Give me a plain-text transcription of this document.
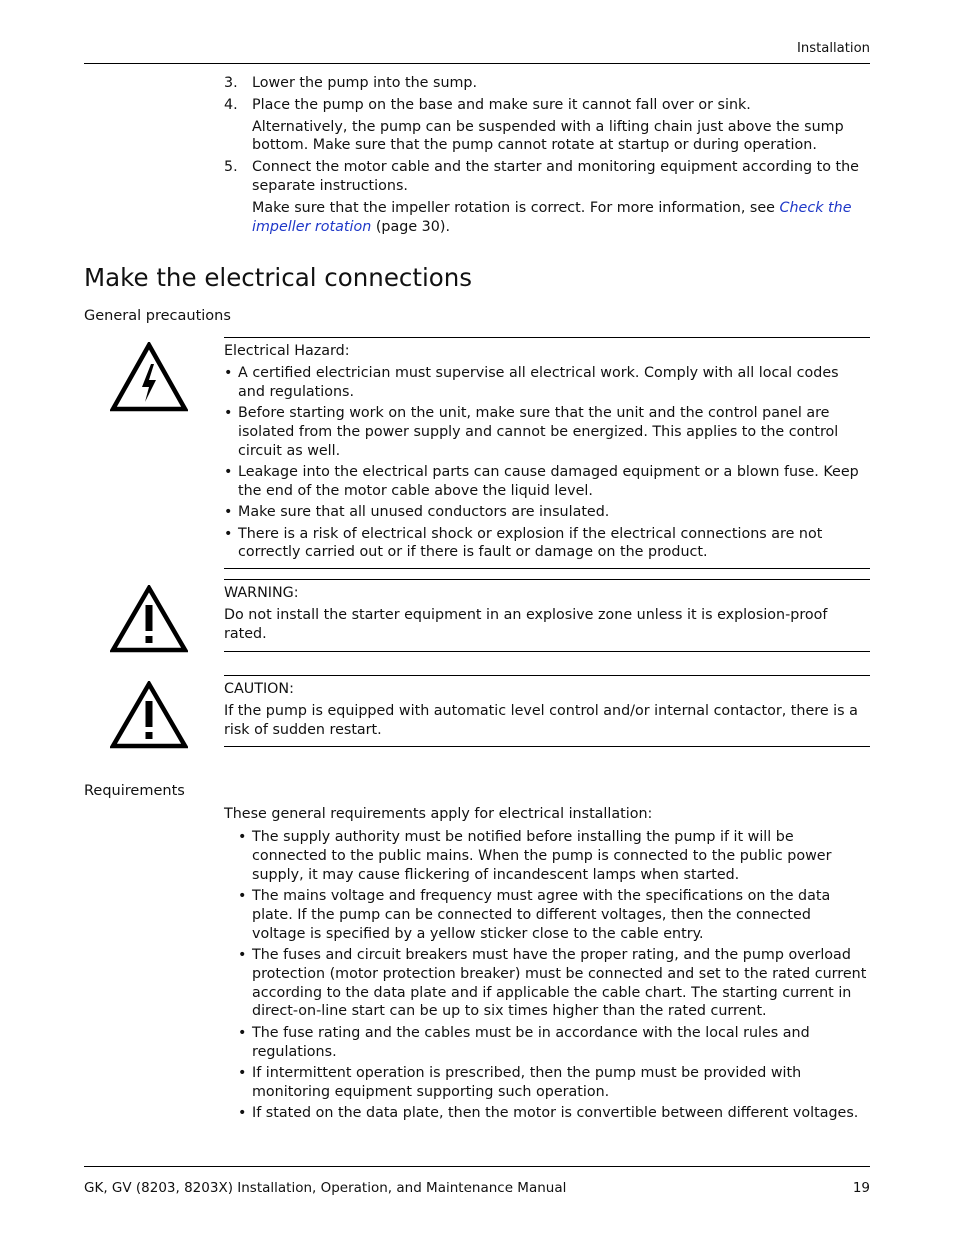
Installation
3. Lower the pump into the sump.
4. Place the pump on the base and make sure it cannot fall over or sink.
Alternatively, the pump can be suspended with a lifting chain just above the sump bottom. Make sure that the pump cannot rotate at startup or during operation.
5. Connect the motor cable and the starter and monitoring equipment according to the separate instructions.
Make sure that the impeller rotation is correct. For more information, see Check the impeller rotation (page 30).
Make the electrical connections
General precautions
Electrical Hazard:
• A certified electrician must supervise all electrical work. Comply with all local codes and regulations.
• Before starting work on the unit, make sure that the unit and the control panel are isolated from the power supply and cannot be energized. This applies to the control circuit as well.
• Leakage into the electrical parts can cause damaged equipment or a blown fuse. Keep the end of the motor cable above the liquid level.
• Make sure that all unused conductors are insulated.
• There is a risk of electrical shock or explosion if the electrical connections are not correctly carried out or if there is fault or damage on the product.
WARNING:
Do not install the starter equipment in an explosive zone unless it is explosion-proof rated.
CAUTION:
If the pump is equipped with automatic level control and/or internal contactor, there is a risk of sudden restart.
Requirements
These general requirements apply for electrical installation:
• The supply authority must be notified before installing the pump if it will be connected to the public mains. When the pump is connected to the public power supply, it may cause flickering of incandescent lamps when started.
• The mains voltage and frequency must agree with the specifications on the data plate. If the pump can be connected to different voltages, then the connected voltage is specified by a yellow sticker close to the cable entry.
• The fuses and circuit breakers must have the proper rating, and the pump overload protection (motor protection breaker) must be connected and set to the rated current according to the data plate and if applicable the cable chart. The starting current in direct-on-line start can be up to six times higher than the rated current.
• The fuse rating and the cables must be in accordance with the local rules and regulations.
• If intermittent operation is prescribed, then the pump must be provided with monitoring equipment supporting such operation.
• If stated on the data plate, then the motor is convertible between different voltages.
GK, GV (8203, 8203X) Installation, Operation, and Maintenance Manual	19
